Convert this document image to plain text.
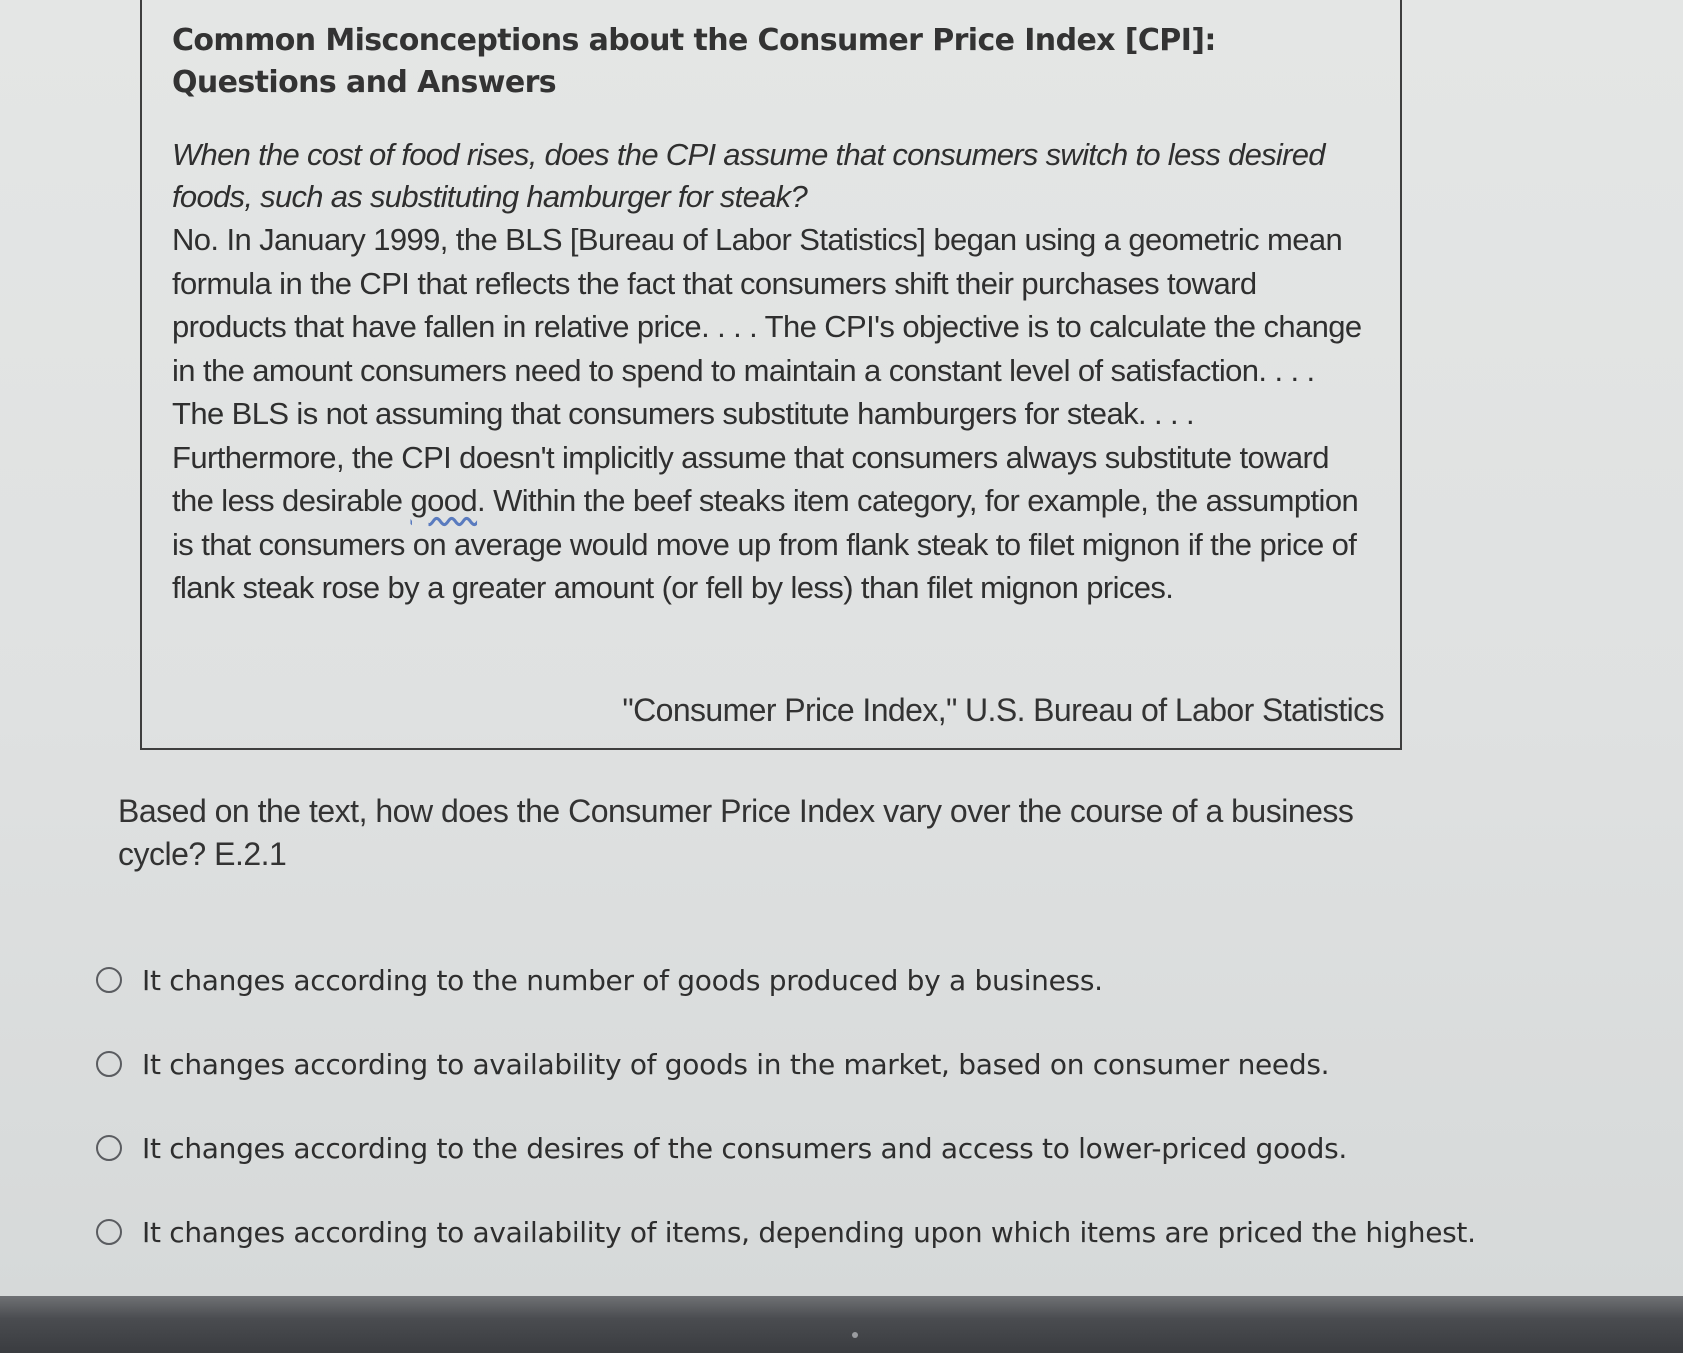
Common Misconceptions about the Consumer Price Index [CPI]: Questions and Answers

When the cost of food rises, does the CPI assume that consumers switch to less desired foods, such as substituting hamburger for steak?

No. In January 1999, the BLS [Bureau of Labor Statistics] began using a geometric mean formula in the CPI that reflects the fact that consumers shift their purchases toward products that have fallen in relative price. . . . The CPI's objective is to calculate the change in the amount consumers need to spend to maintain a constant level of satisfaction. . . . The BLS is not assuming that consumers substitute hamburgers for steak. . . . Furthermore, the CPI doesn't implicitly assume that consumers always substitute toward the less desirable good. Within the beef steaks item category, for example, the assumption is that consumers on average would move up from flank steak to filet mignon if the price of flank steak rose by a greater amount (or fell by less) than filet mignon prices.

"Consumer Price Index," U.S. Bureau of Labor Statistics

Based on the text, how does the Consumer Price Index vary over the course of a business cycle? E.2.1

It changes according to the number of goods produced by a business.
It changes according to availability of goods in the market, based on consumer needs.
It changes according to the desires of the consumers and access to lower-priced goods.
It changes according to availability of items, depending upon which items are priced the highest.
